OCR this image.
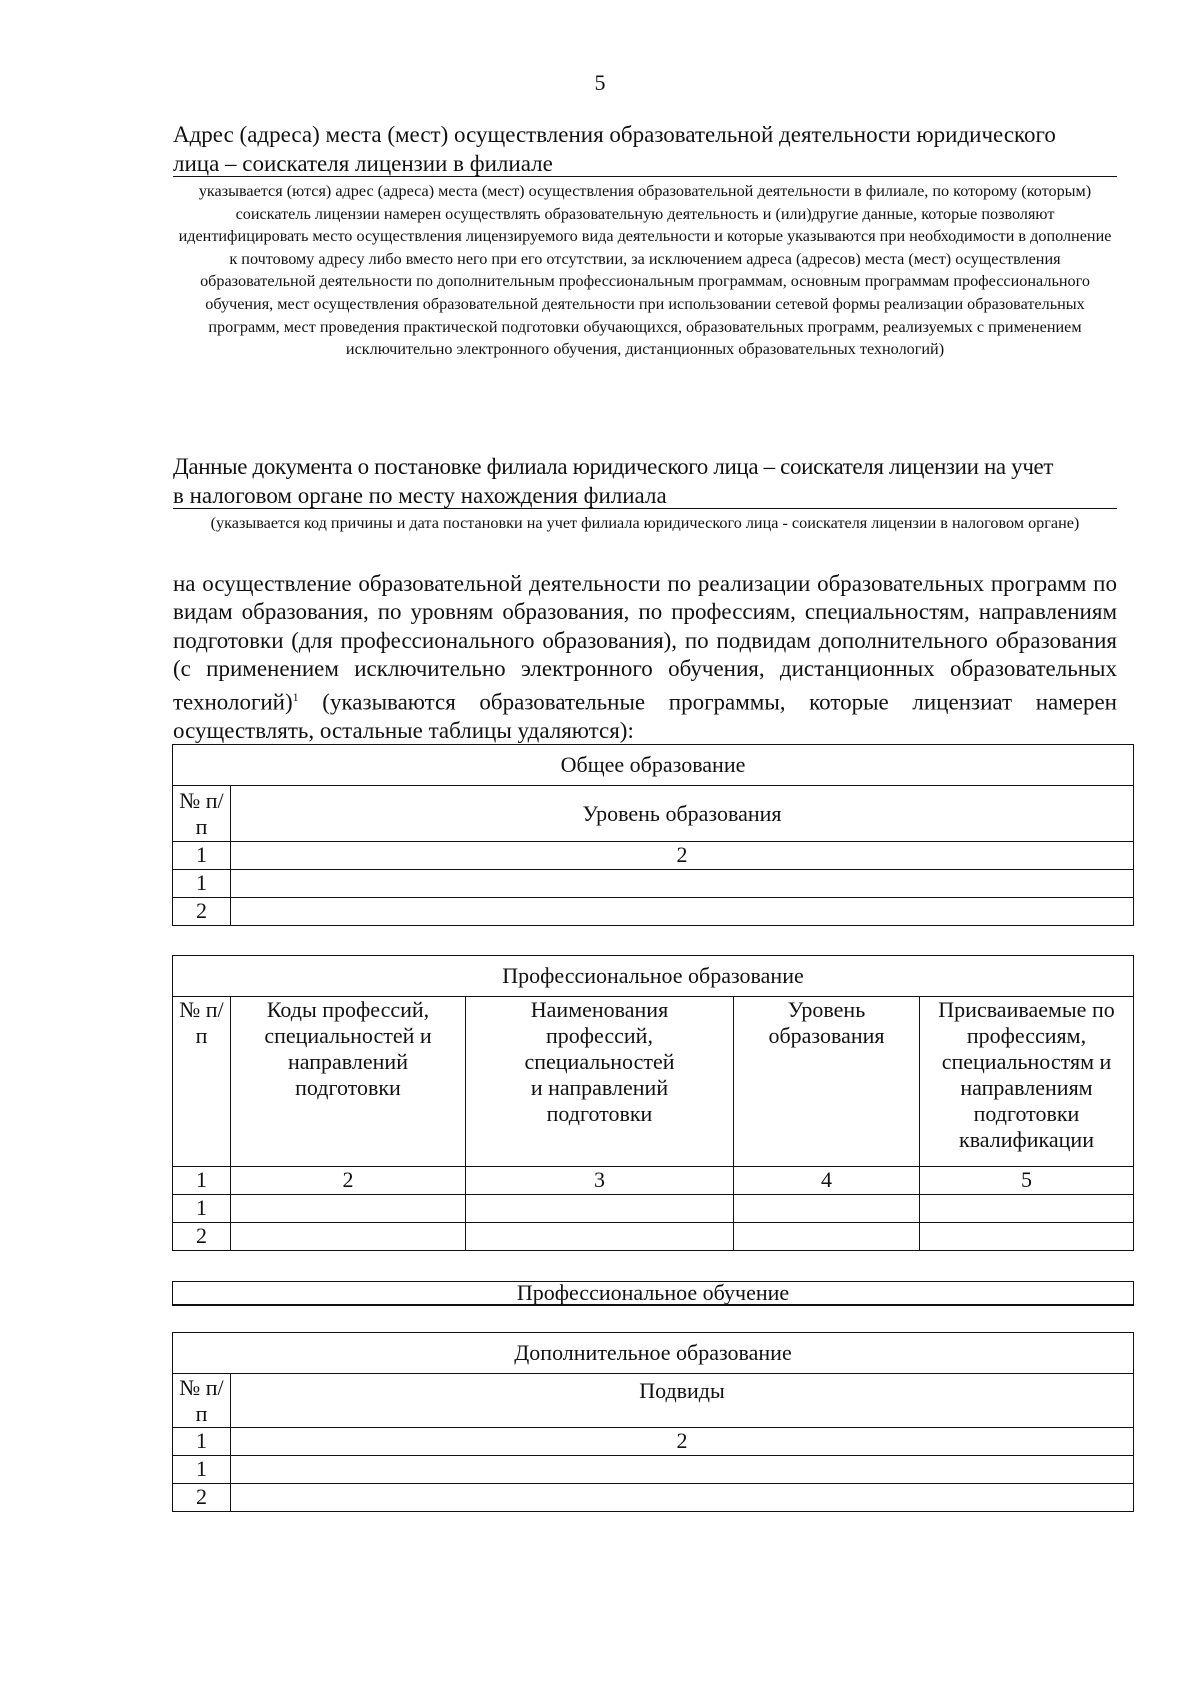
5
Адрес (адреса) места (мест) осуществления образовательной деятельности юридического
лица – соискателя лицензии в филиале
указывается (ются) адрес (адреса) места (мест) осуществления образовательной деятельности в филиале, по которому (которым) соискатель лицензии намерен осуществлять образовательную деятельность и (или)другие данные, которые позволяют идентифицировать место осуществления лицензируемого вида деятельности и которые указываются при необходимости в дополнение к почтовому адресу либо вместо него при его отсутствии, за исключением адреса (адресов) места (мест) осуществления образовательной деятельности по дополнительным профессиональным программам, основным программам профессионального обучения, мест осуществления образовательной деятельности при использовании сетевой формы реализации образовательных программ, мест проведения практической подготовки обучающихся, образовательных программ, реализуемых с применением исключительно электронного обучения, дистанционных образовательных технологий)
Данные документа о постановке филиала юридического лица – соискателя лицензии на учет
в налоговом органе по месту нахождения филиала
(указывается код причины и дата постановки на учет филиала юридического лица - соискателя лицензии в налоговом органе)
на осуществление образовательной деятельности по реализации образовательных программ по видам образования, по уровням образования, по профессиям, специальностям, направлениям подготовки (для профессионального образования), по подвидам дополнительного образования (с применением исключительно электронного обучения, дистанционных образовательных технологий)$^1$ (указываются образовательные программы, которые лицензиат намерен осуществлять, остальные таблицы удаляются):
Общее образование	
№ п/п	Уровень образования
1	2
1	
2	
Профессиональное образование				
№ п/п	Коды профессий, специальностей и направлений подготовки	Наименования профессий, специальностей и направлений подготовки	Уровень образования	Присваиваемые по профессиям, специальностям и направлениям подготовки квалификации
1	2	3	4	5
1				
2				
Профессиональное обучение
Дополнительное образование	
№ п/п	Подвиды
1	2
1	
2	
